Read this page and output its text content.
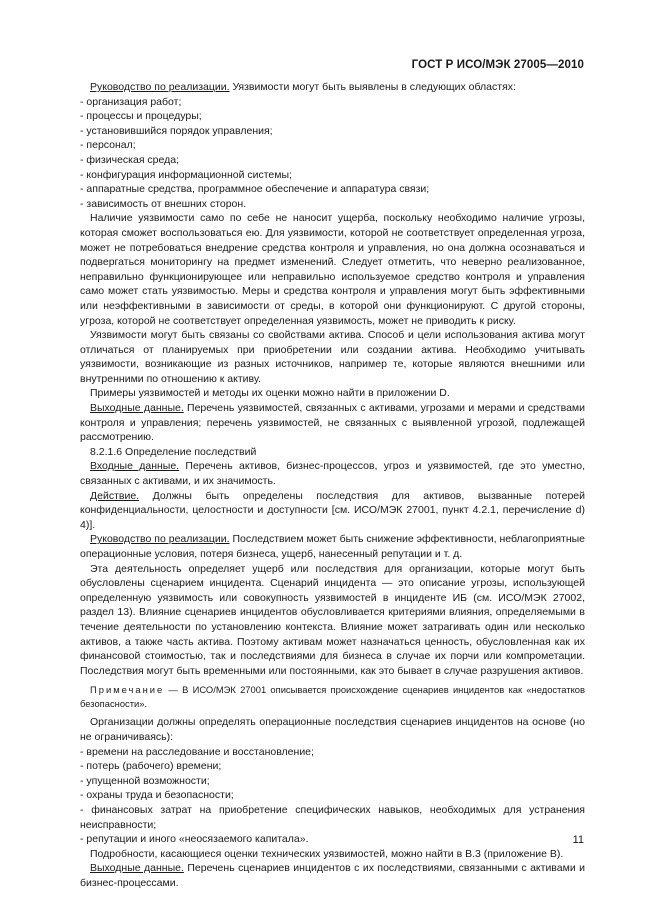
ГОСТ Р ИСО/МЭК 27005—2010

Руководство по реализации. Уязвимости могут быть выявлены в следующих областях:

- организация работ;

- процессы и процедуры;

- установившийся порядок управления;

- персонал;

- физическая среда;

- конфигурация информационной системы;

- аппаратные средства, программное обеспечение и аппаратура связи;

- зависимость от внешних сторон.

Наличие уязвимости само по себе не наносит ущерба, поскольку необходимо наличие угрозы, которая сможет воспользоваться ею. Для уязвимости, которой не соответствует определенная угроза, может не потребоваться внедрение средства контроля и управления, но она должна осознаваться и подвергаться мониторингу на предмет изменений. Следует отметить, что неверно реализованное, неправильно функционирующее или неправильно используемое средство контроля и управления само может стать уязвимостью. Меры и средства контроля и управления могут быть эффективными или неэффективными в зависимости от среды, в которой они функционируют. С другой стороны, угроза, которой не соответствует определенная уязвимость, может не приводить к риску.

Уязвимости могут быть связаны со свойствами актива. Способ и цели использования актива могут отличаться от планируемых при приобретении или создании актива. Необходимо учитывать уязвимости, возникающие из разных источников, например те, которые являются внешними или внутренними по отношению к активу.

Примеры уязвимостей и методы их оценки можно найти в приложении D.

Выходные данные. Перечень уязвимостей, связанных с активами, угрозами и мерами и средствами контроля и управления; перечень уязвимостей, не связанных с выявленной угрозой, подлежащей рассмотрению.

8.2.1.6 Определение последствий

Входные данные. Перечень активов, бизнес-процессов, угроз и уязвимостей, где это уместно, связанных с активами, и их значимость.

Действие. Должны быть определены последствия для активов, вызванные потерей конфиденциальности, целостности и доступности [см. ИСО/МЭК 27001, пункт 4.2.1, перечисление d) 4)].

Руководство по реализации. Последствием может быть снижение эффективности, неблагоприятные операционные условия, потеря бизнеса, ущерб, нанесенный репутации и т. д.

Эта деятельность определяет ущерб или последствия для организации, которые могут быть обусловлены сценарием инцидента. Сценарий инцидента — это описание угрозы, использующей определенную уязвимость или совокупность уязвимостей в инциденте ИБ (см. ИСО/МЭК 27002, раздел 13). Влияние сценариев инцидентов обусловливается критериями влияния, определяемыми в течение деятельности по установлению контекста. Влияние может затрагивать один или несколько активов, а также часть актива. Поэтому активам может назначаться ценность, обусловленная как их финансовой стоимостью, так и последствиями для бизнеса в случае их порчи или компрометации. Последствия могут быть временными или постоянными, как это бывает в случае разрушения активов.

Примечание — В ИСО/МЭК 27001 описывается происхождение сценариев инцидентов как «недостатков безопасности».

Организации должны определять операционные последствия сценариев инцидентов на основе (но не ограничиваясь):

- времени на расследование и восстановление;

- потерь (рабочего) времени;

- упущенной возможности;

- охраны труда и безопасности;

- финансовых затрат на приобретение специфических навыков, необходимых для устранения неисправности;

- репутации и иного «неосязаемого капитала».

Подробности, касающиеся оценки технических уязвимостей, можно найти в В.3 (приложение В).

Выходные данные. Перечень сценариев инцидентов с их последствиями, связанными с активами и бизнес-процессами.

11
